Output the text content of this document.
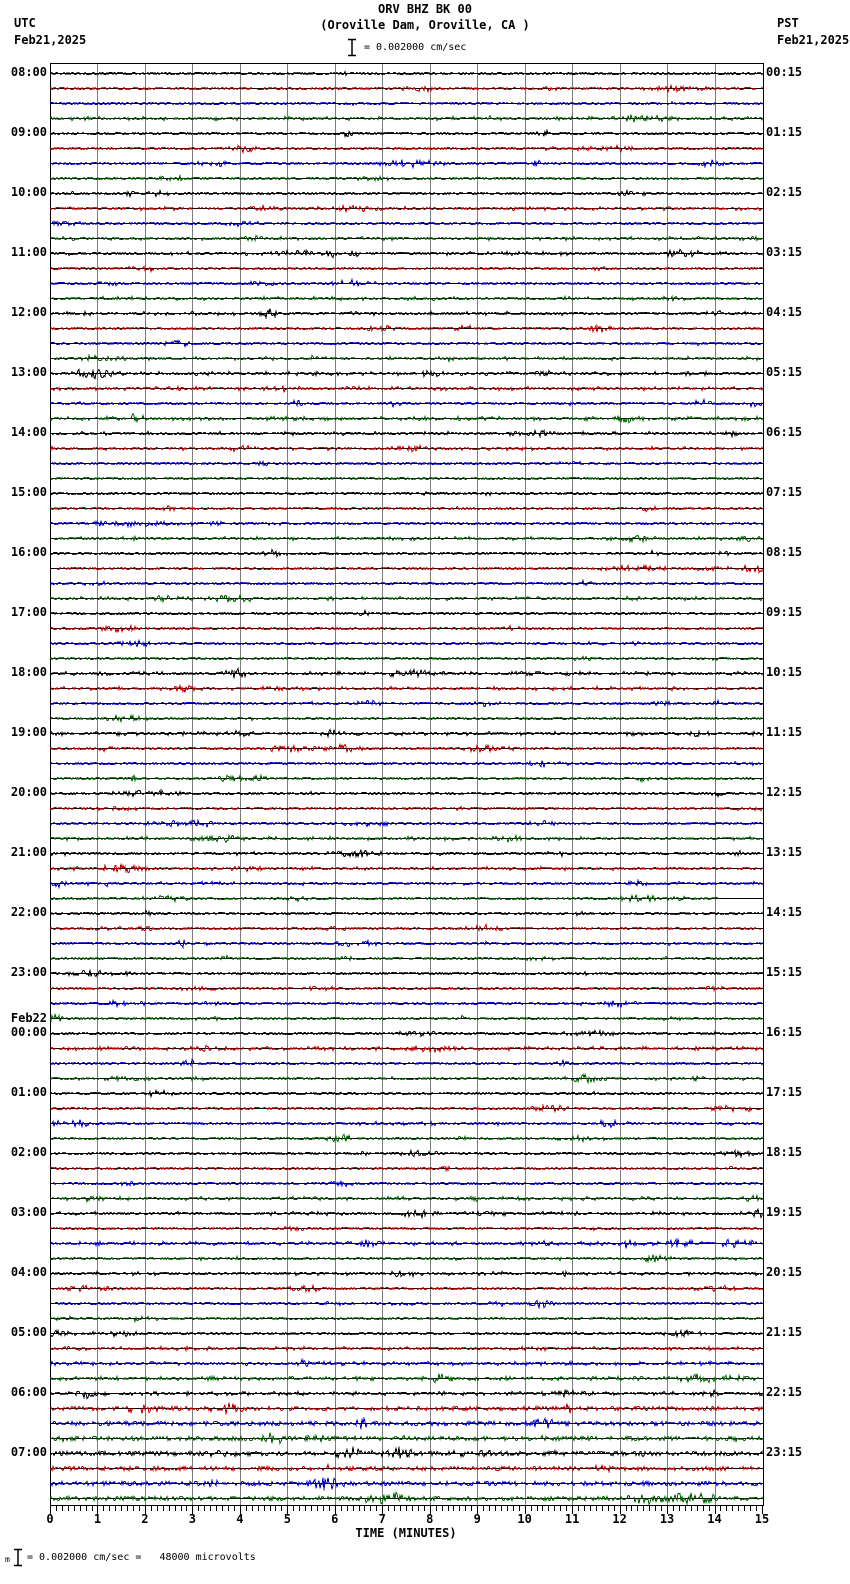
ORV BHZ BK 00
(Oroville Dam, Oroville, CA )
UTC
Feb21,2025
PST
Feb21,2025
= 0.002000 cm/sec
08:00
09:00
10:00
11:00
12:00
13:00
14:00
15:00
16:00
17:00
18:00
19:00
20:00
21:00
22:00
23:00
Feb22
00:00
01:00
02:00
03:00
04:00
05:00
06:00
07:00
00:15
01:15
02:15
03:15
04:15
05:15
06:15
07:15
08:15
09:15
10:15
11:15
12:15
13:15
14:15
15:15
16:15
17:15
18:15
19:15
20:15
21:15
22:15
23:15
0	1	2	3	4	5	6	7	8	9	10	11	12	13	14	15
TIME (MINUTES)
m = 0.002000 cm/sec =   48000 microvolts
